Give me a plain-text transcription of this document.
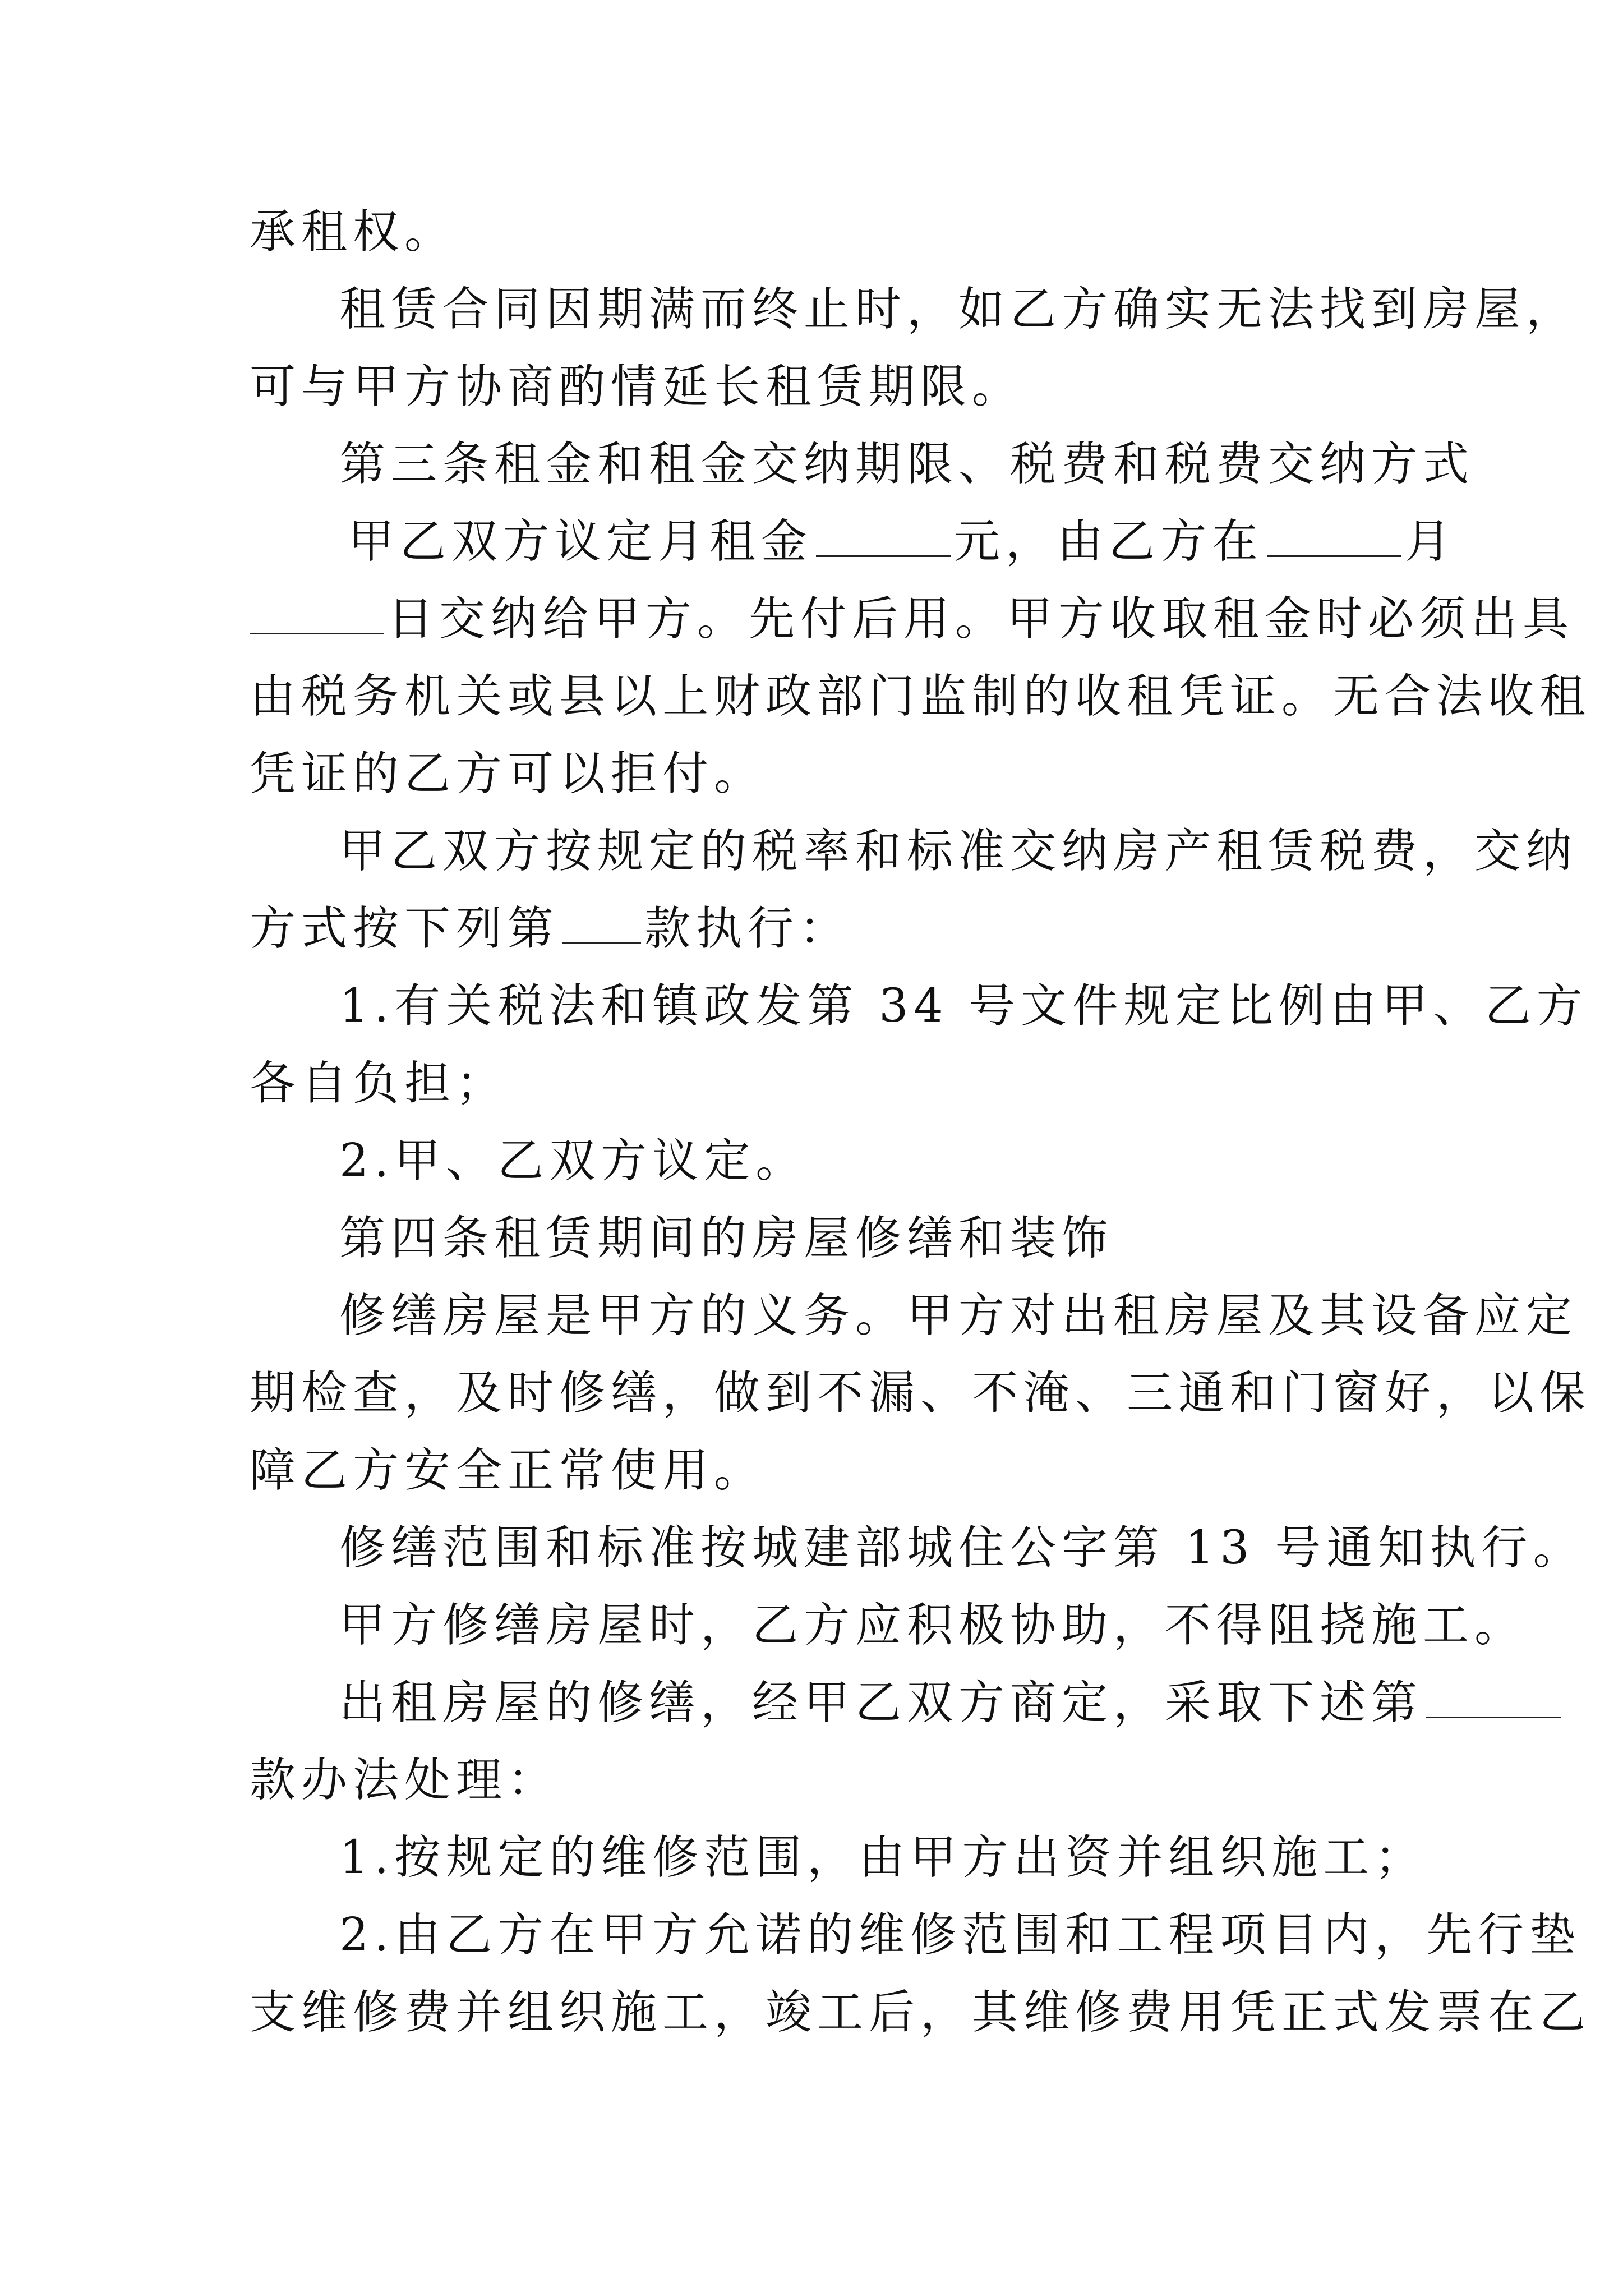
承租权。
租赁合同因期满而终止时，如乙方确实无法找到房屋，
可与甲方协商酌情延长租赁期限。
第三条租金和租金交纳期限、税费和税费交纳方式
甲乙双方议定月租金	元，由乙方在	月
日交纳给甲方。先付后用。甲方收取租金时必须出具
由税务机关或县以上财政部门监制的收租凭证。无合法收租
凭证的乙方可以拒付。
甲乙双方按规定的税率和标准交纳房产租赁税费，交纳
方式按下列第 款执行：
1.有关税法和镇政发第 34 号文件规定比例由甲、乙方
各自负担；
2.甲、乙双方议定。
第四条租赁期间的房屋修缮和装饰
修缮房屋是甲方的义务。甲方对出租房屋及其设备应定
期检查，及时修缮，做到不漏、不淹、三通和门窗好，以保
障乙方安全正常使用。
修缮范围和标准按城建部城住公字第 13 号通知执行。
甲方修缮房屋时，乙方应积极协助，不得阻挠施工。
出租房屋的修缮，经甲乙双方商定，采取下述第
款办法处理：
1.按规定的维修范围，由甲方出资并组织施工；
2.由乙方在甲方允诺的维修范围和工程项目内，先行垫
支维修费并组织施工，竣工后，其维修费用凭正式发票在乙
